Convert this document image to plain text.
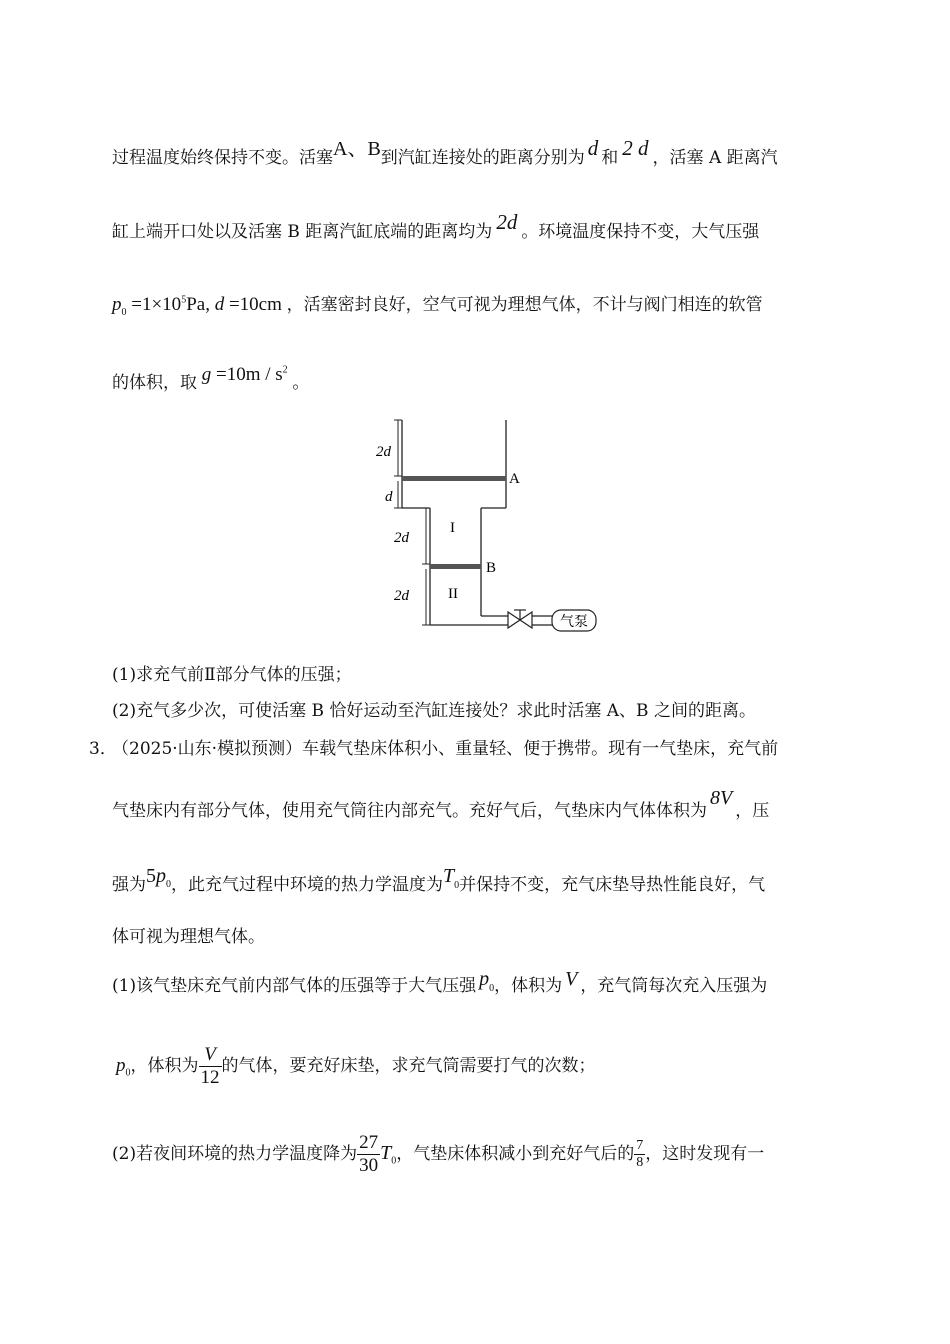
过程温度始终保持不变。活塞A、B到汽缸连接处的距离分别为 d 和 2 d ，活塞 A 距离汽
缸上端开口处以及活塞 B 距离汽缸底端的距离均为 2d 。环境温度保持不变，大气压强
$p_0 =1\times 10^5Pa$, d =10cm ，活塞密封良好，空气可视为理想气体，不计与阀门相连的软管
的体积，取 $g =10m / s^2$ 。
气泵
2d
d
2d
2d
A
B
I
II
(1)求充气前Ⅱ部分气体的压强；
(2)充气多少次，可使活塞 B 恰好运动至汽缸连接处？求此时活塞 A、B 之间的距离。
3．
（2025·山东·模拟预测）车载气垫床体积小、重量轻、便于携带。现有一气垫床，充气前
气垫床内有部分气体，使用充气筒往内部充气。充好气后，气垫床内气体体积为8V，压
强为$5p_0$，此充气过程中环境的热力学温度为$T_0$并保持不变，充气床垫导热性能良好，气
体可视为理想气体。
(1)该气垫床充气前内部气体的压强等于大气压强 $p_0$，体积为 V ，充气筒每次充入压强为
$p_0$，体积为 $\frac{V}{12}$ 的气体，要充好床垫，求充气筒需要打气的次数；
(2)若夜间环境的热力学温度降为 $\frac{27}{30} T_0$，气垫床体积减小到充好气后的 $\frac{7}{8}$ ，这时发现有一
